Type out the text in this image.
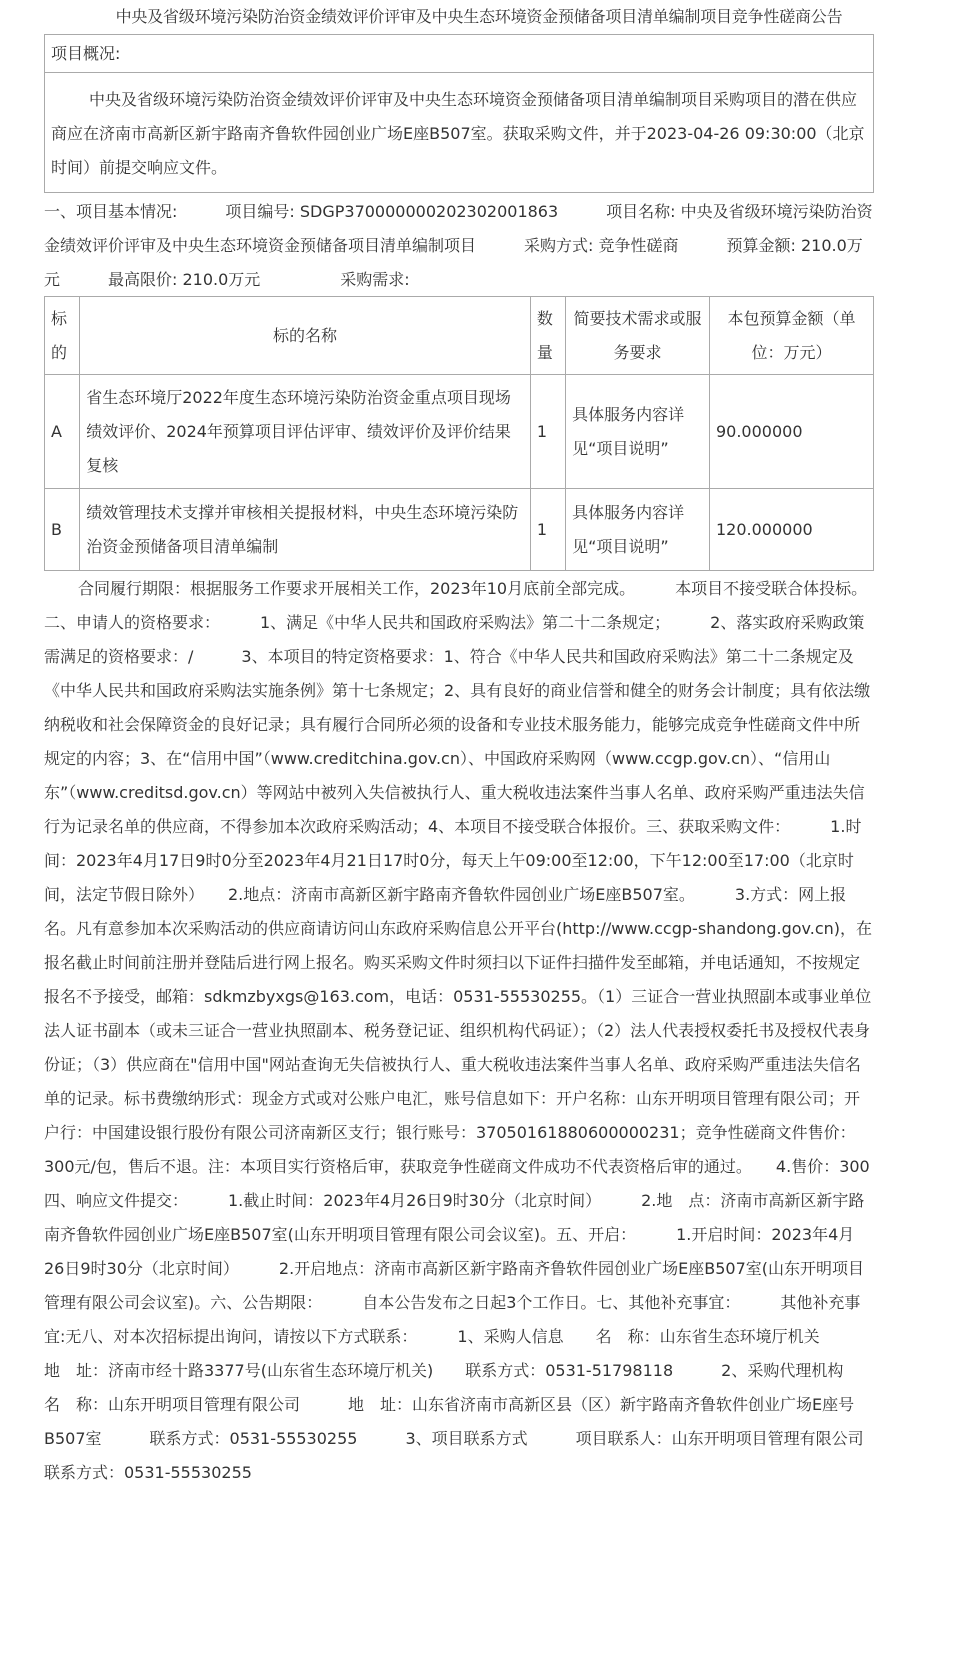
中央及省级环境污染防治资金绩效评价评审及中央生态环境资金预储备项目清单编制项目竞争性磋商公告
项目概况:
中央及省级环境污染防治资金绩效评价评审及中央生态环境资金预储备项目清单编制项目采购项目的潜在供应商应在济南市高新区新宇路南齐鲁软件园创业广场E座B507室。获取采购文件，并于2023-04-26 09:30:00（北京时间）前提交响应文件。
一、项目基本情况:　　　项目编号: SDGP370000000202302001863　　　项目名称: 中央及省级环境污染防治资金绩效评价评审及中央生态环境资金预储备项目清单编制项目　　　采购方式: 竞争性磋商　　　预算金额: 210.0万元　　　最高限价: 210.0万元　　　　　采购需求:
标的	标的名称	数量	简要技术需求或服务要求	本包预算金额（单位：万元）
A	省生态环境厅2022年度生态环境污染防治资金重点项目现场绩效评价、2024年预算项目评估评审、绩效评价及评价结果复核	1	具体服务内容详见“项目说明”	90.000000
B	绩效管理技术支撑并审核相关提报材料，中央生态环境污染防治资金预储备项目清单编制	1	具体服务内容详见“项目说明”	120.000000
合同履行期限：根据服务工作要求开展相关工作，2023年10月底前全部完成。　　　本项目不接受联合体投标。二、申请人的资格要求：　　　1、满足《中华人民共和国政府采购法》第二十二条规定；　　　2、落实政府采购政策需满足的资格要求：/　　　3、本项目的特定资格要求：1、符合《中华人民共和国政府采购法》第二十二条规定及《中华人民共和国政府采购法实施条例》第十七条规定；2、具有良好的商业信誉和健全的财务会计制度；具有依法缴纳税收和社会保障资金的良好记录；具有履行合同所必须的设备和专业技术服务能力，能够完成竞争性磋商文件中所规定的内容；3、在“信用中国”（www.creditchina.gov.cn）、中国政府采购网（www.ccgp.gov.cn）、“信用山东”（www.creditsd.gov.cn）等网站中被列入失信被执行人、重大税收违法案件当事人名单、政府采购严重违法失信行为记录名单的供应商，不得参加本次政府采购活动；4、本项目不接受联合体报价。三、获取采购文件：　　　1.时间：2023年4月17日9时0分至2023年4月21日17时0分，每天上午09:00至12:00，下午12:00至17:00（北京时间，法定节假日除外）　　2.地点：济南市高新区新宇路南齐鲁软件园创业广场E座B507室。　　　3.方式：网上报名。凡有意参加本次采购活动的供应商请访问山东政府采购信息公开平台(http://www.ccgp-shandong.gov.cn)，在报名截止时间前注册并登陆后进行网上报名。购买采购文件时须扫以下证件扫描件发至邮箱，并电话通知，不按规定报名不予接受，邮箱：sdkmzbyxgs@163.com，电话：0531-55530255。（1）三证合一营业执照副本或事业单位法人证书副本（或未三证合一营业执照副本、税务登记证、组织机构代码证）；（2）法人代表授权委托书及授权代表身份证；（3）供应商在"信用中国"网站查询无失信被执行人、重大税收违法案件当事人名单、政府采购严重违法失信名单的记录。标书费缴纳形式：现金方式或对公账户电汇，账号信息如下：开户名称：山东开明项目管理有限公司；开户行：中国建设银行股份有限公司济南新区支行；银行账号：37050161880600000231；竞争性磋商文件售价：300元/包，售后不退。注：本项目实行资格后审，获取竞争性磋商文件成功不代表资格后审的通过。　　4.售价：300四、响应文件提交：　　　1.截止时间：2023年4月26日9时30分（北京时间）　　　2.地　点：济南市高新区新宇路南齐鲁软件园创业广场E座B507室(山东开明项目管理有限公司会议室)。五、开启：　　　1.开启时间：2023年4月26日9时30分（北京时间）　　　2.开启地点：济南市高新区新宇路南齐鲁软件园创业广场E座B507室(山东开明项目管理有限公司会议室)。六、公告期限：　　　自本公告发布之日起3个工作日。七、其他补充事宜：　　　其他补充事宜:无八、对本次招标提出询问，请按以下方式联系：　　　1、采购人信息　　名　称：山东省生态环境厅机关　　　地　址：济南市经十路3377号(山东省生态环境厅机关)　　联系方式：0531-51798118　　　2、采购代理机构　　　名　称：山东开明项目管理有限公司　　　地　址：山东省济南市高新区县（区）新宇路南齐鲁软件创业广场E座号B507室　　　联系方式：0531-55530255　　　3、项目联系方式　　　项目联系人：山东开明项目管理有限公司　　　联系方式：0531-55530255
